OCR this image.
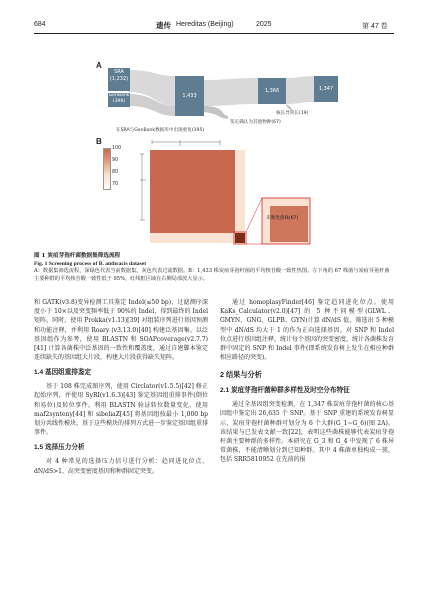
684	遗传 Hereditas (Beijing)	2025	第 47 卷
A
SRA
(1,232)
GenBank
(396)
1,433
1,366	1,347
核长异常长(19)
鉴定确认为其他物种(67)
在SRA与GenBank数据库中出现重复(195)
B
100
90
80
70
未聚类菌株(67)
图 1 炭疽芽孢杆菌数据集筛选流程
Fig. 1 Screening process of B. anthracis dataset
A：数据集筛选流程，深绿色代表当前数据集，灰色代表过滤数据。B：1,433 株炭疽芽孢杆菌的平均核苷酸一致性热图。左下角的 67 株菌与炭疽芽孢杆菌主要种群的平均核苷酸一致性低于 95%，红线框区域在右侧局部放大显示。

和 GATK(v3.8)变异检测工具鉴定 Indel(≤50 bp)，过滤测序深度小于 10×以及突变频率低于 90%的 Indel，得到最终的 Indel 矩阵。同时，使用 Prokka(v1.13)[39] 对组装序列进行基因预测和功能注释，并利用 Roary (v3.13.0)[40] 构建泛基因集。以泛基因组作为参考，使用 BLASTN 和 SOAPcoverage(v2.7.7)[41] 计算各菌株中泛基因的一致性和覆盖度，通过自建脚本鉴定连续缺失的基因组大片段，构建大片段获得缺失矩阵。

1.4 基因组重排鉴定

基于 108 株完成图序列，使用 Circlator(v1.5.5)[42] 修正起始序列，并使用 SyRI(v1.6.3)[43] 鉴定基因组重排事件(倒位和易位)及转位事件。利用 BLASTN 验证转位数量变化，使用 maf2synteny[44] 和 sibeliaZ[45] 将基因组按最小 1,000 bp 划分共线性模块，基于这些模块的排列方式进一步鉴定基因组重排事件。

1.5 选择压力分析

对 4 种常见的选择压力信号进行分析：趋同进化位点、dN/dS>1、高突变密度基因和种群固定突变。

通过 homoplasyFinder[46] 鉴定趋同进化位点。使用 KaKs_Calculator(v2.0)[47] 的 5 种不同模型(GLWL、GMYN、GNG、GLPB、GYN)计算 dN/dS 值，筛选出 5 种模型中 dN/dS 均大于 1 的作为正向选择基因。对 SNP 和 Indel 位点进行基因组注释，统计每个基因的突变密度，统计各菌株发育群中固定的 SNP 和 Indel 事件(即系统发育树上发生在相应种群相应路径的突变)。

2 结果与分析
2.1 炭疽芽孢杆菌种群多样性及时空分布特征

通过全基因组突变检测，在 1,347 株炭疽芽孢杆菌的核心基因组中鉴定出 26,635 个 SNP。基于 SNP 重建的系统发育树显示，炭疽芽孢杆菌种群可划分为 6 个大群(G_1~G_6)(图 2A)。该结果与已发表文献一致[22]，表明这些菌株能够代表炭疽芽孢杆菌主要种群的多样性。本研究在 G_3 和 G_4 中发现了 6 株异常菌株，不能清晰划分到已知种群。其中 4 株菌单独构成一簇，包括 SRR5810952 在先前的报
